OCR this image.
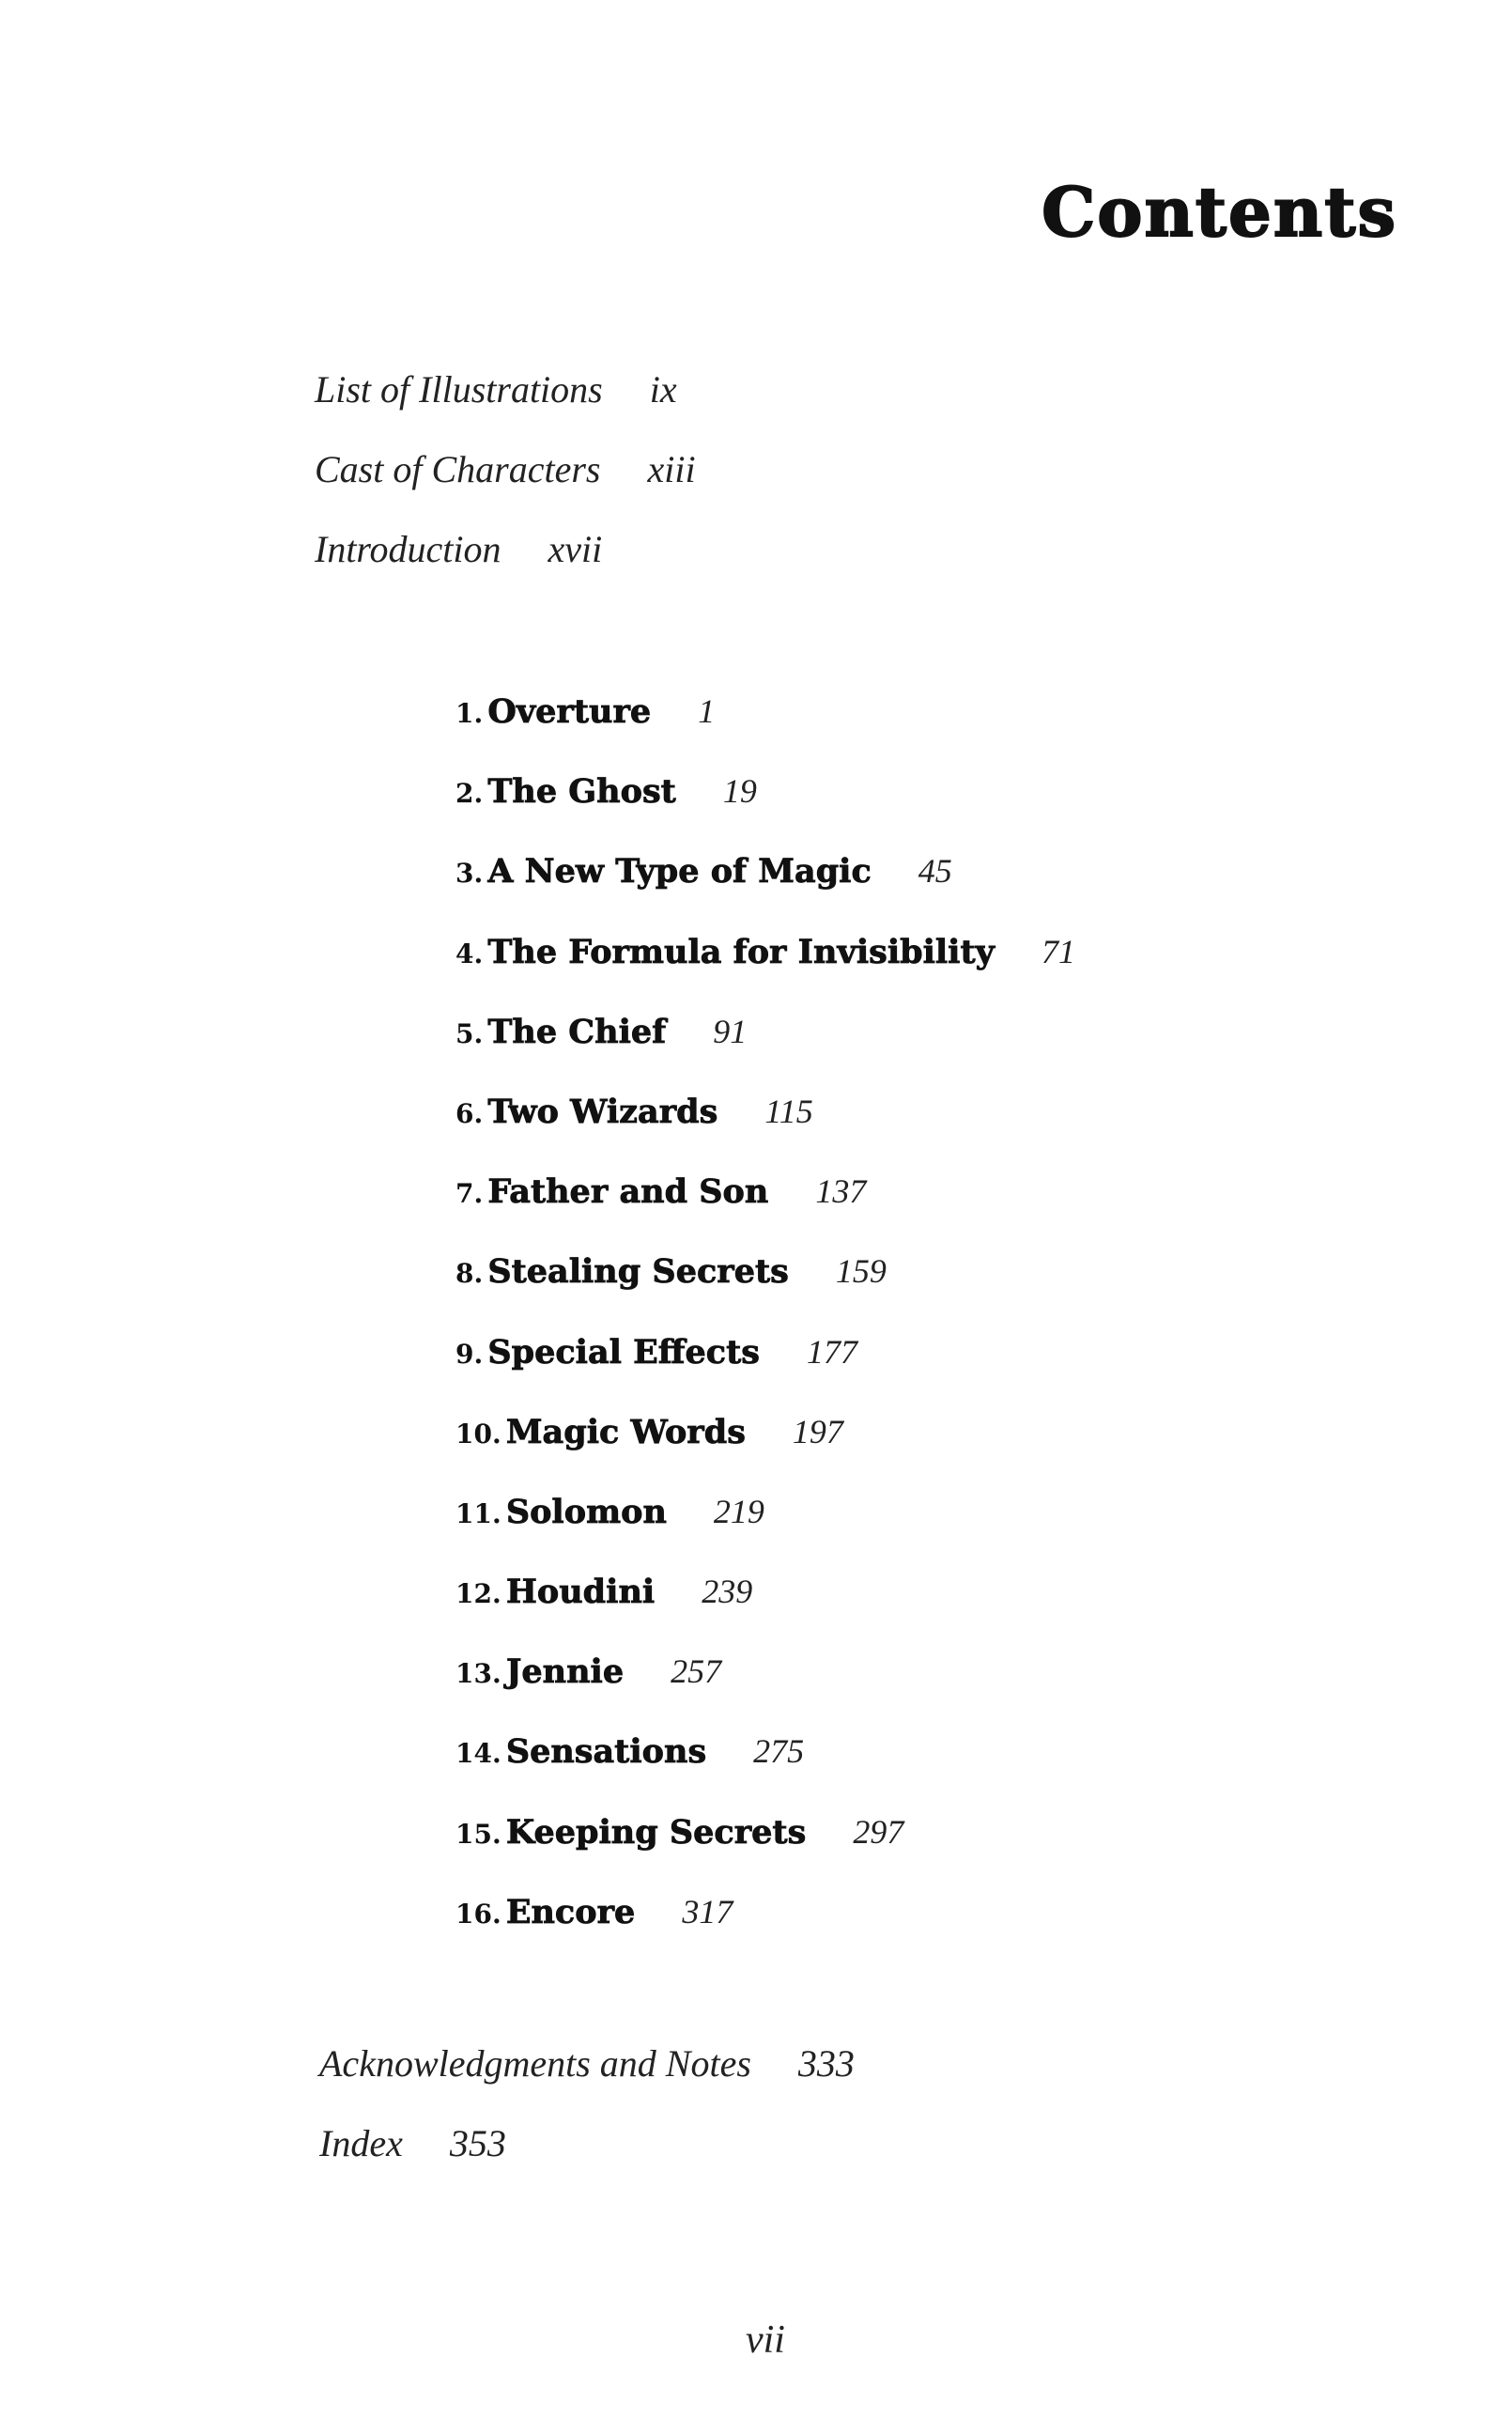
Contents
List of Illustrations ix
Cast of Characters xiii
Introduction xvii
1. Overture 1
2. The Ghost 19
3. A New Type of Magic 45
4. The Formula for Invisibility 71
5. The Chief 91
6. Two Wizards 115
7. Father and Son 137
8. Stealing Secrets 159
9. Special Effects 177
10. Magic Words 197
11. Solomon 219
12. Houdini 239
13. Jennie 257
14. Sensations 275
15. Keeping Secrets 297
16. Encore 317
Acknowledgments and Notes 333
Index 353
vii
